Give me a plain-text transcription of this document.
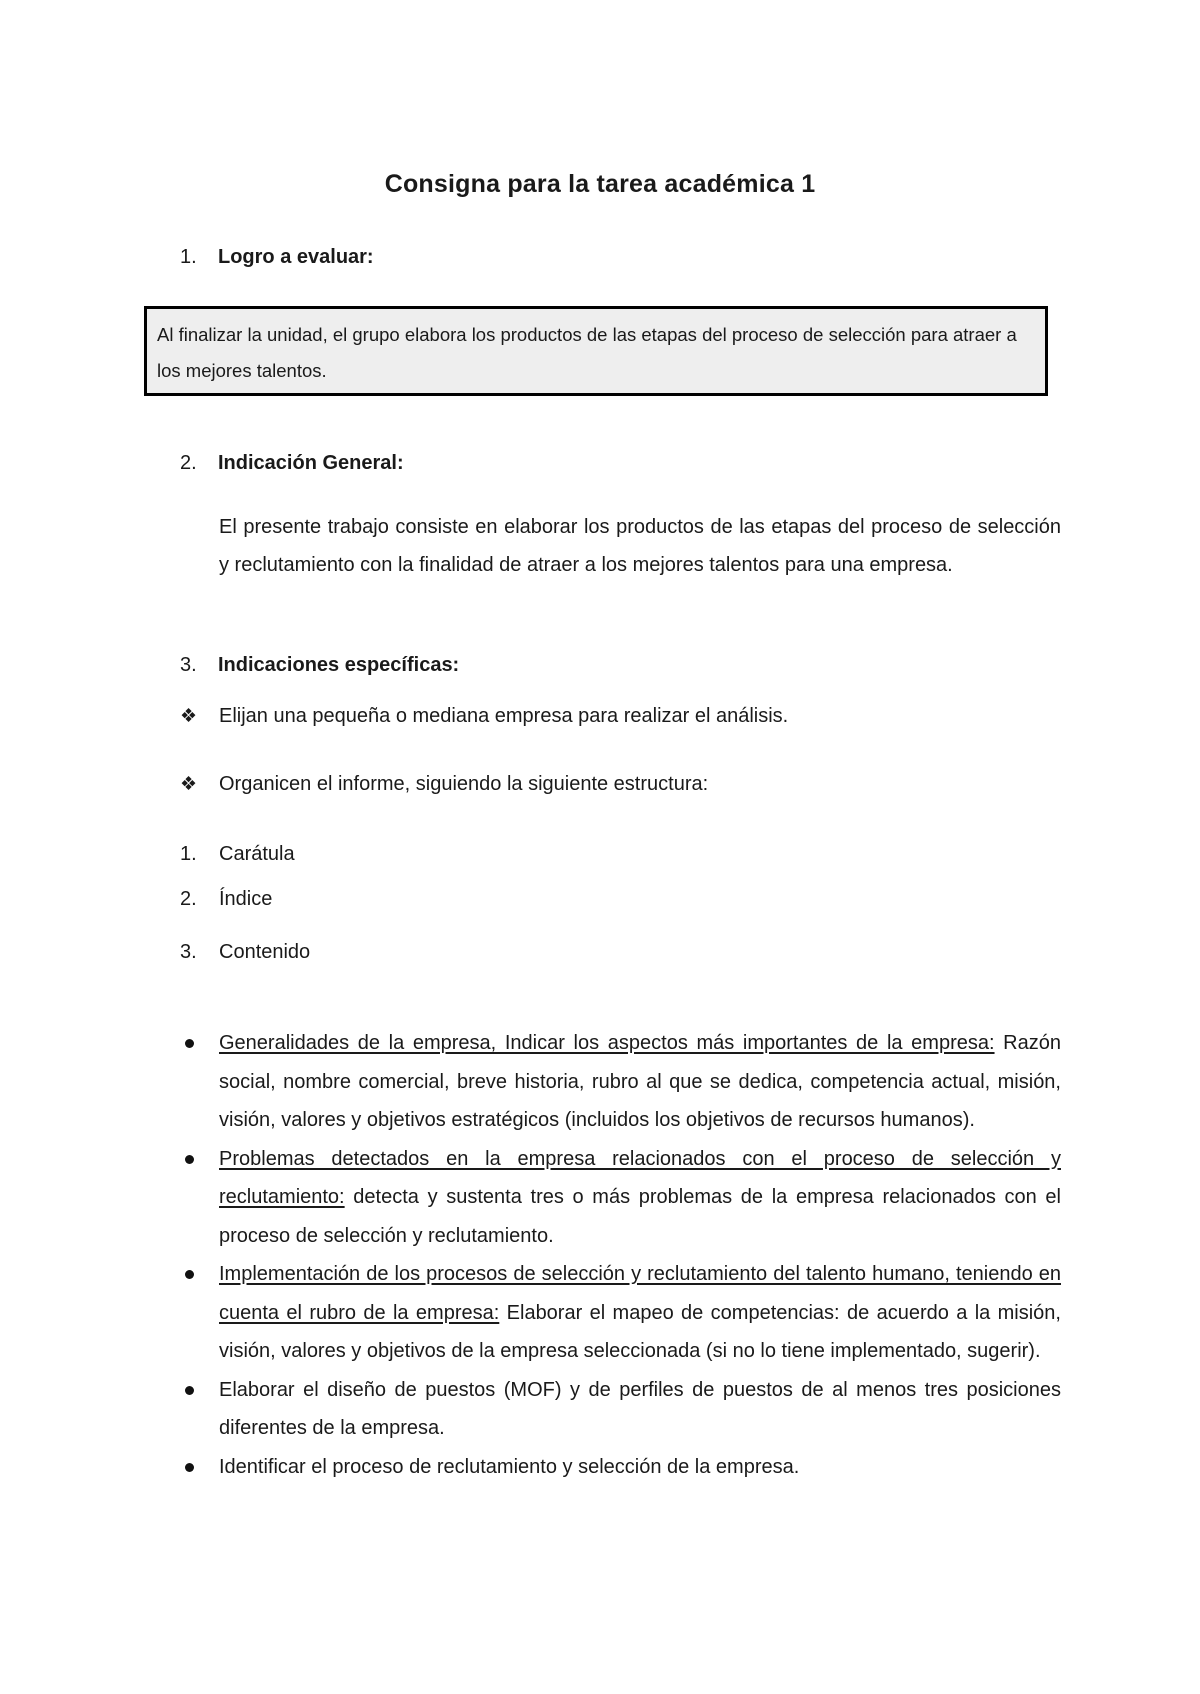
Consigna para la tarea académica 1
1. Logro a evaluar:
Al finalizar la unidad, el grupo elabora los productos de las etapas del proceso de selección para atraer a los mejores talentos.
2. Indicación General:
El presente trabajo consiste en elaborar los productos de las etapas del proceso de selección y reclutamiento con la finalidad de atraer a los mejores talentos para una empresa.
3. Indicaciones específicas:
❖ Elijan una pequeña o mediana empresa para realizar el análisis.
❖ Organicen el informe, siguiendo la siguiente estructura:
1. Carátula
2. Índice
3. Contenido
Generalidades de la empresa, Indicar los aspectos más importantes de la empresa: Razón social, nombre comercial, breve historia, rubro al que se dedica, competencia actual, misión, visión, valores y objetivos estratégicos (incluidos los objetivos de recursos humanos).
Problemas detectados en la empresa relacionados con el proceso de selección y reclutamiento: detecta y sustenta tres o más problemas de la empresa relacionados con el proceso de selección y reclutamiento.
Implementación de los procesos de selección y reclutamiento del talento humano, teniendo en cuenta el rubro de la empresa: Elaborar el mapeo de competencias: de acuerdo a la misión, visión, valores y objetivos de la empresa seleccionada (si no lo tiene implementado, sugerir).
Elaborar el diseño de puestos (MOF) y de perfiles de puestos de al menos tres posiciones diferentes de la empresa.
Identificar el proceso de reclutamiento y selección de la empresa.
